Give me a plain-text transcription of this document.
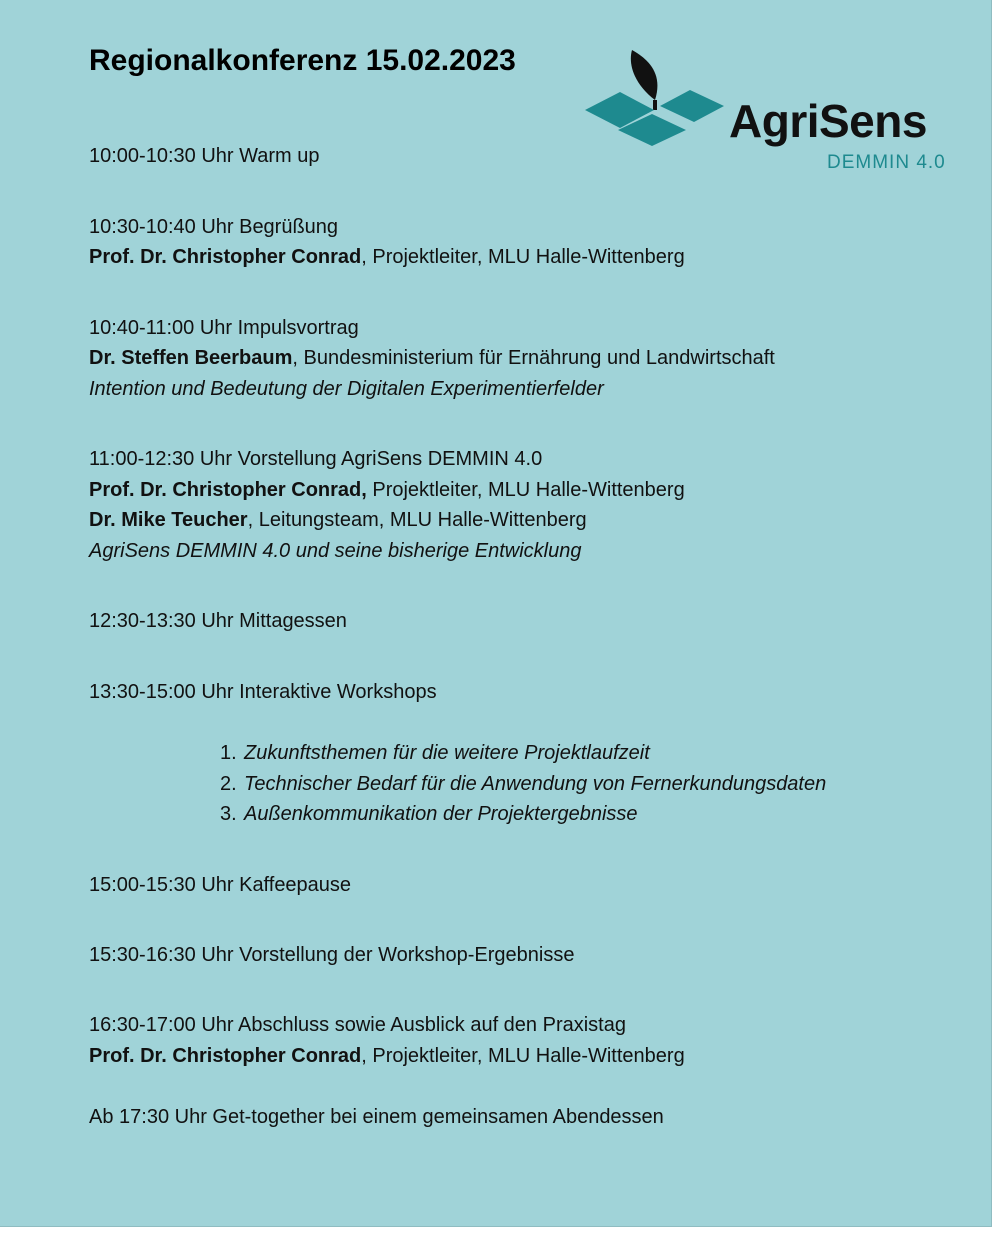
Regionalkonferenz 15.02.2023
AgriSens
DEMMIN 4.0
10:00-10:30 Uhr Warm up
10:30-10:40 Uhr Begrüßung
Prof. Dr. Christopher Conrad, Projektleiter, MLU Halle-Wittenberg
10:40-11:00 Uhr Impulsvortrag
Dr. Steffen Beerbaum, Bundesministerium für Ernährung und Landwirtschaft
Intention und Bedeutung der Digitalen Experimentierfelder
11:00-12:30 Uhr Vorstellung AgriSens DEMMIN 4.0
Prof. Dr. Christopher Conrad, Projektleiter, MLU Halle-Wittenberg
Dr. Mike Teucher, Leitungsteam, MLU Halle-Wittenberg
AgriSens DEMMIN 4.0 und seine bisherige Entwicklung
12:30-13:30 Uhr Mittagessen
13:30-15:00 Uhr Interaktive Workshops
1. Zukunftsthemen für die weitere Projektlaufzeit
2. Technischer Bedarf für die Anwendung von Fernerkundungsdaten
3. Außenkommunikation der Projektergebnisse
15:00-15:30 Uhr Kaffeepause
15:30-16:30 Uhr Vorstellung der Workshop-Ergebnisse
16:30-17:00 Uhr Abschluss sowie Ausblick auf den Praxistag
Prof. Dr. Christopher Conrad, Projektleiter, MLU Halle-Wittenberg
Ab 17:30 Uhr Get-together bei einem gemeinsamen Abendessen
